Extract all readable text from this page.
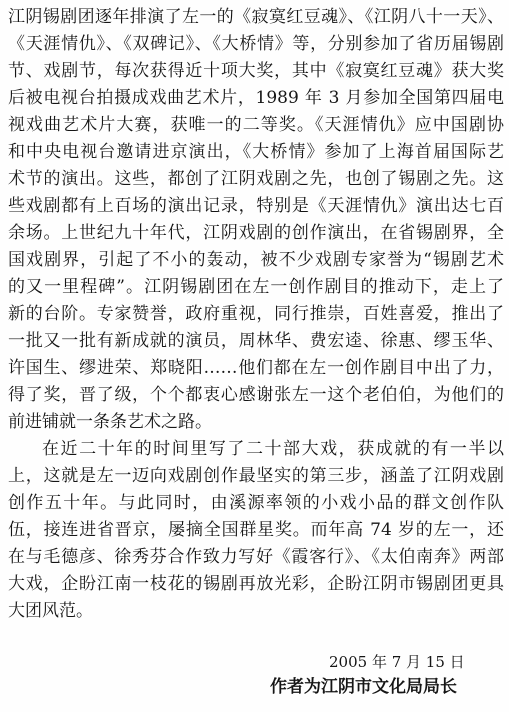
江阴锡剧团逐年排演了左一的《寂寞红豆魂》、《江阴八十一天》、
《天涯情仇》、《双碑记》、《大桥情》等，分别参加了省历届锡剧
节、戏剧节，每次获得近十项大奖，其中《寂寞红豆魂》获大奖
后被电视台拍摄成戏曲艺术片，1989 年 3 月参加全国第四届电
视戏曲艺术片大赛，获唯一的二等奖。《天涯情仇》应中国剧协
和中央电视台邀请进京演出，《大桥情》参加了上海首届国际艺
术节的演出。这些，都创了江阴戏剧之先，也创了锡剧之先。这
些戏剧都有上百场的演出记录，特别是《天涯情仇》演出达七百
余场。上世纪九十年代，江阴戏剧的创作演出，在省锡剧界，全
国戏剧界，引起了不小的轰动，被不少戏剧专家誉为“锡剧艺术
的又一里程碑”。江阴锡剧团在左一创作剧目的推动下，走上了
新的台阶。专家赞誉，政府重视，同行推崇，百姓喜爱，推出了
一批又一批有新成就的演员，周林华、费宏逵、徐惠、缪玉华、
许国生、缪进荣、郑晓阳……他们都在左一创作剧目中出了力，
得了奖，晋了级，个个都衷心感谢张左一这个老伯伯，为他们的
前进铺就一条条艺术之路。
在近二十年的时间里写了二十部大戏，获成就的有一半以
上，这就是左一迈向戏剧创作最坚实的第三步，涵盖了江阴戏剧
创作五十年。与此同时，由溪源率领的小戏小品的群文创作队
伍，接连进省晋京，屡摘全国群星奖。而年高 74 岁的左一，还
在与毛德彦、徐秀芬合作致力写好《霞客行》、《太伯南奔》两部
大戏，企盼江南一枝花的锡剧再放光彩，企盼江阴市锡剧团更具
大团风范。
2005 年 7 月 15 日
作者为江阴市文化局局长
